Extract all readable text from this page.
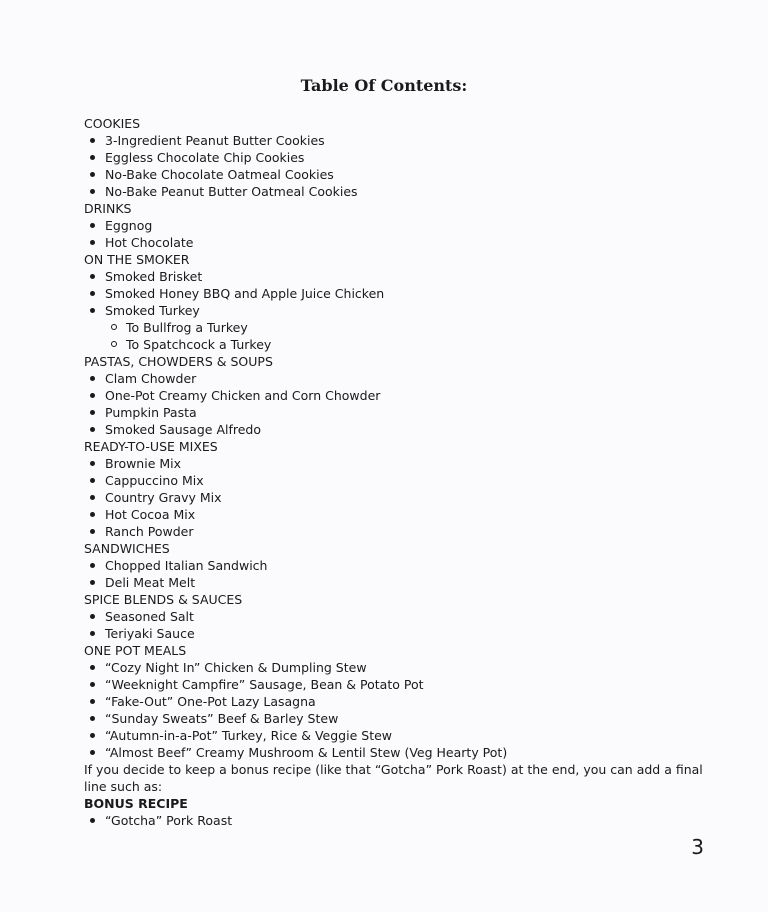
Table Of Contents:
COOKIES
3-Ingredient Peanut Butter Cookies
Eggless Chocolate Chip Cookies
No-Bake Chocolate Oatmeal Cookies
No-Bake Peanut Butter Oatmeal Cookies
DRINKS
Eggnog
Hot Chocolate
ON THE SMOKER
Smoked Brisket
Smoked Honey BBQ and Apple Juice Chicken
Smoked Turkey
To Bullfrog a Turkey
To Spatchcock a Turkey
PASTAS, CHOWDERS & SOUPS
Clam Chowder
One-Pot Creamy Chicken and Corn Chowder
Pumpkin Pasta
Smoked Sausage Alfredo
READY-TO-USE MIXES
Brownie Mix
Cappuccino Mix
Country Gravy Mix
Hot Cocoa Mix
Ranch Powder
SANDWICHES
Chopped Italian Sandwich
Deli Meat Melt
SPICE BLENDS & SAUCES
Seasoned Salt
Teriyaki Sauce
ONE POT MEALS
“Cozy Night In” Chicken & Dumpling Stew
“Weeknight Campfire” Sausage, Bean & Potato Pot
“Fake-Out” One-Pot Lazy Lasagna
“Sunday Sweats” Beef & Barley Stew
“Autumn-in-a-Pot” Turkey, Rice & Veggie Stew
“Almost Beef” Creamy Mushroom & Lentil Stew (Veg Hearty Pot)
If you decide to keep a bonus recipe (like that “Gotcha” Pork Roast) at the end, you can add a final line such as:
BONUS RECIPE
“Gotcha” Pork Roast
3
